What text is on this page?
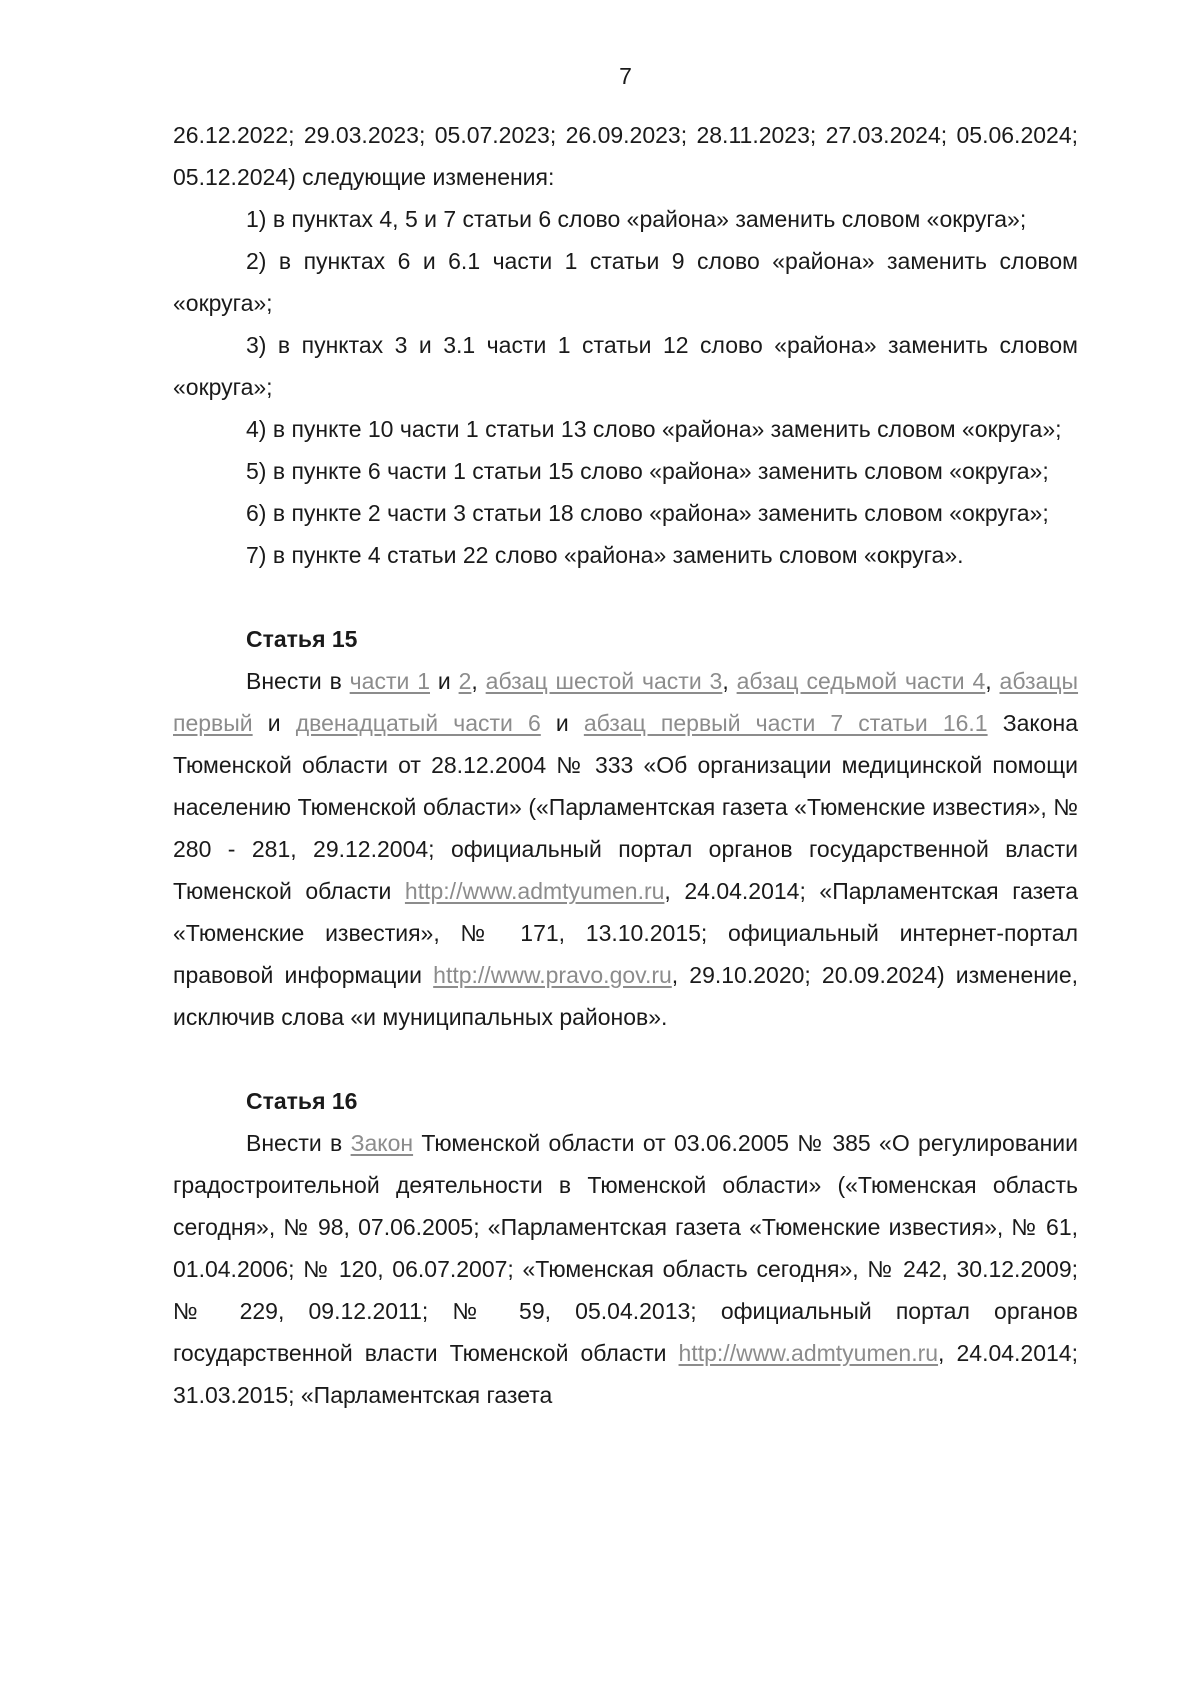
7

26.12.2022; 29.03.2023; 05.07.2023; 26.09.2023; 28.11.2023; 27.03.2024; 05.06.2024; 05.12.2024) следующие изменения:

1) в пунктах 4, 5 и 7 статьи 6 слово «района» заменить словом «округа»;

2) в пунктах 6 и 6.1 части 1 статьи 9 слово «района» заменить словом «округа»;

3) в пунктах 3 и 3.1 части 1 статьи 12 слово «района» заменить словом «округа»;

4) в пункте 10 части 1 статьи 13 слово «района» заменить словом «округа»;

5) в пункте 6 части 1 статьи 15 слово «района» заменить словом «округа»;

6) в пункте 2 части 3 статьи 18 слово «района» заменить словом «округа»;

7) в пункте 4 статьи 22 слово «района» заменить словом «округа».

Статья 15

Внести в части 1 и 2, абзац шестой части 3, абзац седьмой части 4, абзацы первый и двенадцатый части 6 и абзац первый части 7 статьи 16.1 Закона Тюменской области от 28.12.2004 № 333 «Об организации медицинской помощи населению Тюменской области» («Парламентская газета «Тюменские известия», № 280 - 281, 29.12.2004; официальный портал органов государственной власти Тюменской области http://www.admtyumen.ru, 24.04.2014; «Парламентская газета «Тюменские известия», № 171, 13.10.2015; официальный интернет-портал правовой информации http://www.pravo.gov.ru, 29.10.2020; 20.09.2024) изменение, исключив слова «и муниципальных районов».

Статья 16

Внести в Закон Тюменской области от 03.06.2005 № 385 «О регулировании градостроительной деятельности в Тюменской области» («Тюменская область сегодня», № 98, 07.06.2005; «Парламентская газета «Тюменские известия», № 61, 01.04.2006; № 120, 06.07.2007; «Тюменская область сегодня», № 242, 30.12.2009; № 229, 09.12.2011; № 59, 05.04.2013; официальный портал органов государственной власти Тюменской области http://www.admtyumen.ru, 24.04.2014; 31.03.2015; «Парламентская газета
